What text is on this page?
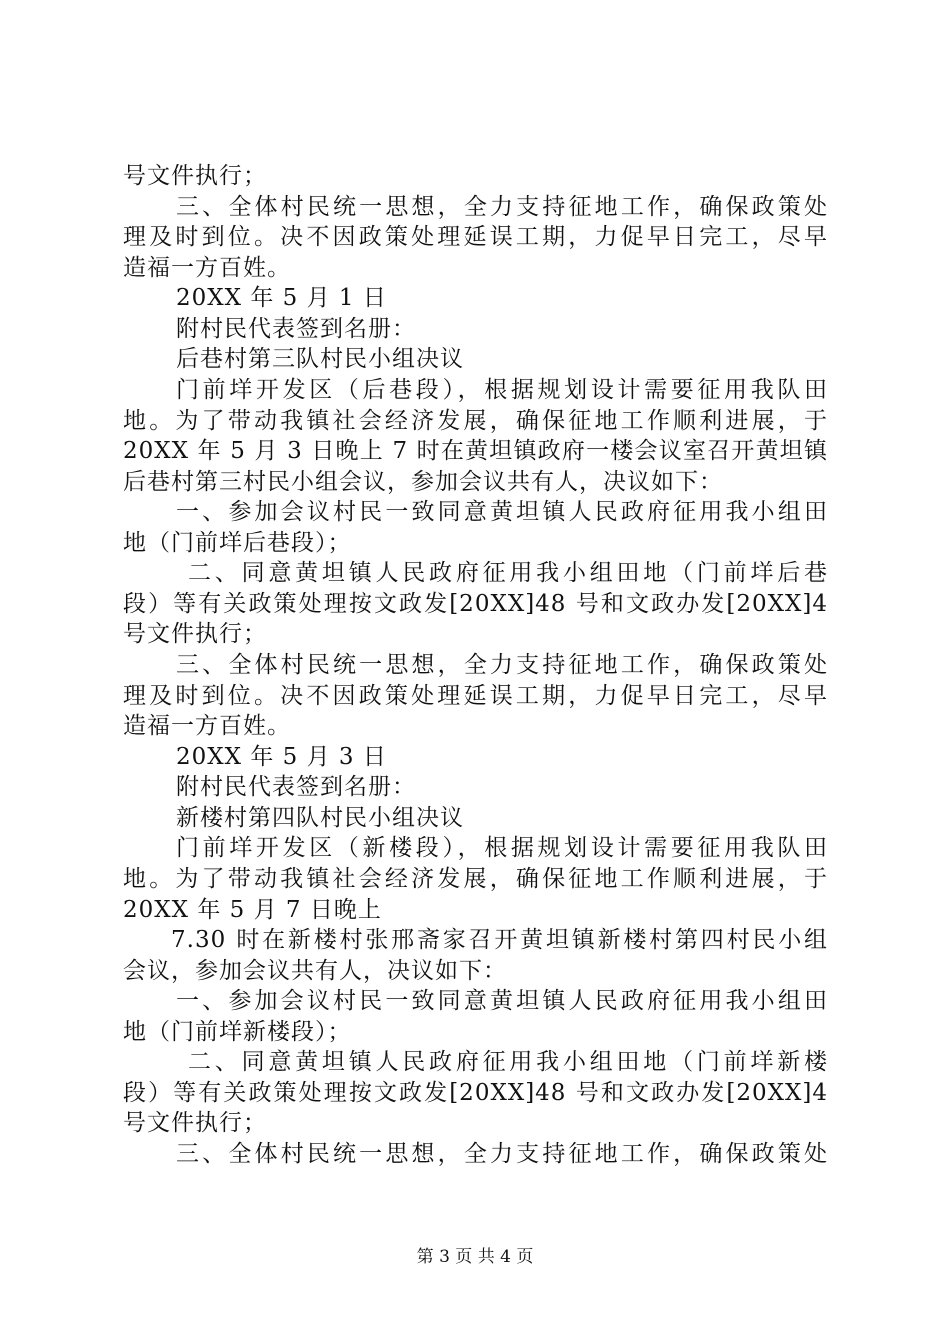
号文件执行；
三、全体村民统一思想，全力支持征地工作，确保政策处
理及时到位。决不因政策处理延误工期，力促早日完工，尽早
造福一方百姓。
20XX 年 5 月 1 日
附村民代表签到名册：
后巷村第三队村民小组决议
门前垟开发区（后巷段），根据规划设计需要征用我队田
地。为了带动我镇社会经济发展，确保征地工作顺利进展，于
20XX 年 5 月 3 日晚上 7 时在黄坦镇政府一楼会议室召开黄坦镇
后巷村第三村民小组会议，参加会议共有人，决议如下：
一、参加会议村民一致同意黄坦镇人民政府征用我小组田
地（门前垟后巷段）；
二、同意黄坦镇人民政府征用我小组田地（门前垟后巷
段）等有关政策处理按文政发[20XX]48 号和文政办发[20XX]4
号文件执行；
三、全体村民统一思想，全力支持征地工作，确保政策处
理及时到位。决不因政策处理延误工期，力促早日完工，尽早
造福一方百姓。
20XX 年 5 月 3 日
附村民代表签到名册：
新楼村第四队村民小组决议
门前垟开发区（新楼段），根据规划设计需要征用我队田
地。为了带动我镇社会经济发展，确保征地工作顺利进展，于
20XX 年 5 月 7 日晚上
7.30 时在新楼村张邢斋家召开黄坦镇新楼村第四村民小组
会议，参加会议共有人，决议如下：
一、参加会议村民一致同意黄坦镇人民政府征用我小组田
地（门前垟新楼段）；
二、同意黄坦镇人民政府征用我小组田地（门前垟新楼
段）等有关政策处理按文政发[20XX]48 号和文政办发[20XX]4
号文件执行；
三、全体村民统一思想，全力支持征地工作，确保政策处
第 3 页 共 4 页
